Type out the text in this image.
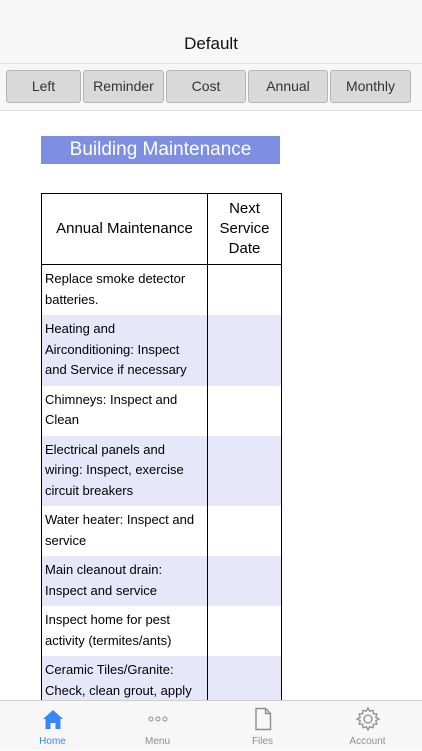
Default
Left	Reminder	Cost	Annual	Monthly
Building Maintenance
Annual Maintenance	Next Service Date
Replace smoke detector batteries.	
Heating and Airconditioning: Inspect and Service if necessary	
Chimneys: Inspect and Clean	
Electrical panels and wiring: Inspect, exercise circuit breakers	
Water heater: Inspect and service	
Main cleanout drain: Inspect and service	
Inspect home for pest activity (termites/ants)	
Ceramic Tiles/Granite: Check, clean grout, apply	
Home	Menu	Files	Account
